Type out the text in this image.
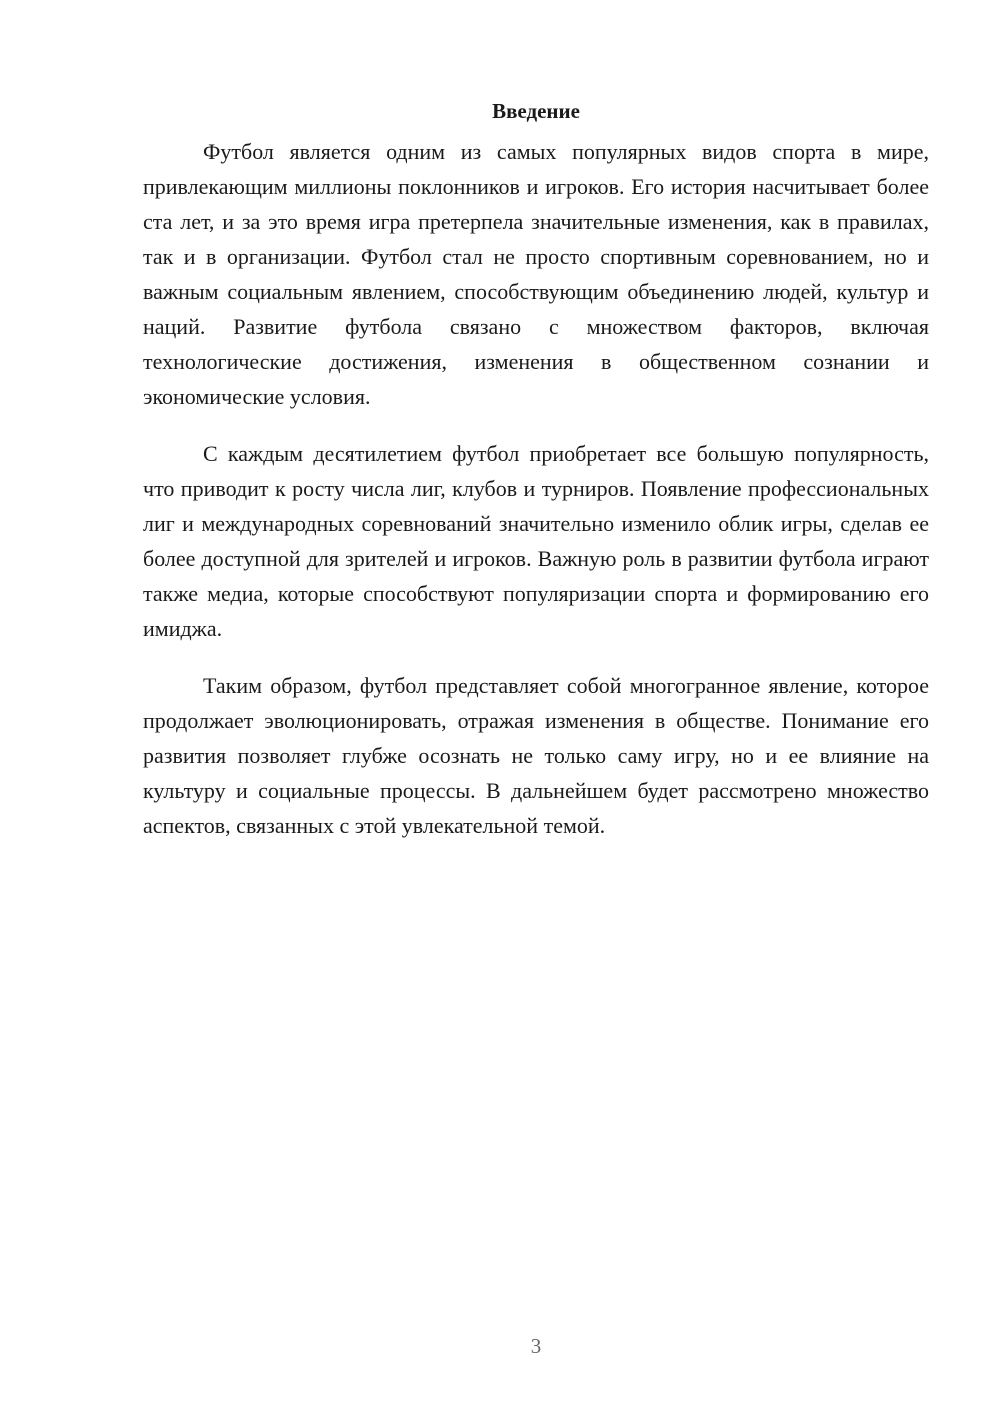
Введение

Футбол является одним из самых популярных видов спорта в мире, привлекающим миллионы поклонников и игроков. Его история насчитывает более ста лет, и за это время игра претерпела значительные изменения, как в правилах, так и в организации. Футбол стал не просто спортивным соревнованием, но и важным социальным явлением, способствующим объединению людей, культур и наций. Развитие футбола связано с множеством факторов, включая технологические достижения, изменения в общественном сознании и экономические условия.

С каждым десятилетием футбол приобретает все большую популярность, что приводит к росту числа лиг, клубов и турниров. Появление профессиональных лиг и международных соревнований значительно изменило облик игры, сделав ее более доступной для зрителей и игроков. Важную роль в развитии футбола играют также медиа, которые способствуют популяризации спорта и формированию его имиджа.

Таким образом, футбол представляет собой многогранное явление, которое продолжает эволюционировать, отражая изменения в обществе. Понимание его развития позволяет глубже осознать не только саму игру, но и ее влияние на культуру и социальные процессы. В дальнейшем будет рассмотрено множество аспектов, связанных с этой увлекательной темой.

3
